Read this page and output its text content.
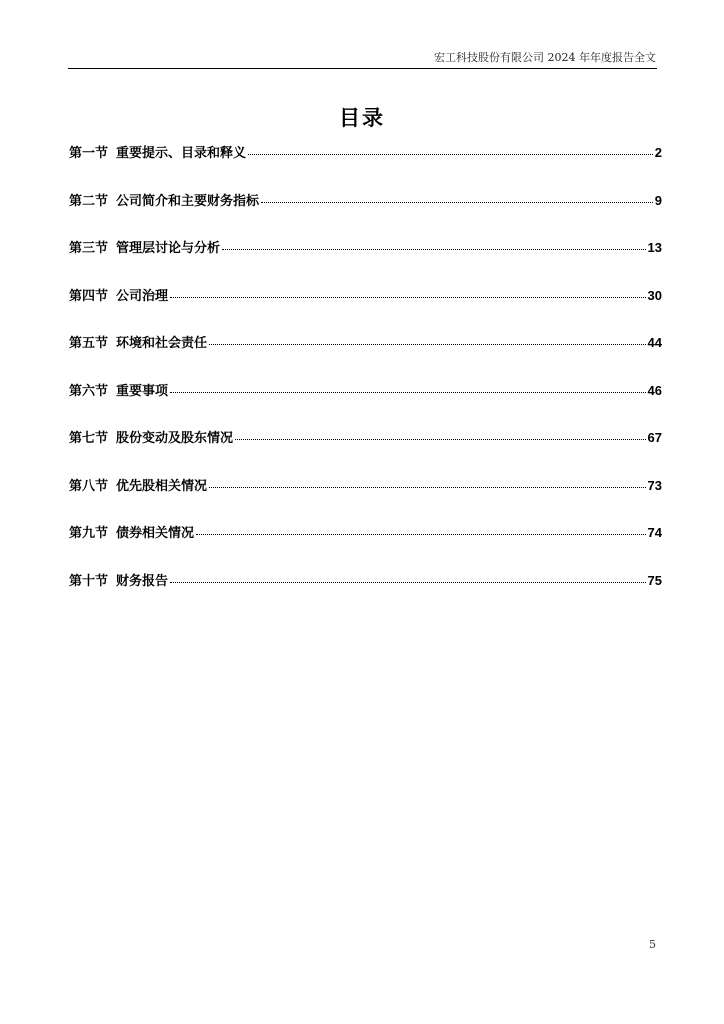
宏工科技股份有限公司 2024 年年度报告全文
目录
第一节 重要提示、目录和释义	2
第二节 公司简介和主要财务指标	9
第三节 管理层讨论与分析	13
第四节 公司治理	30
第五节 环境和社会责任	44
第六节 重要事项	46
第七节 股份变动及股东情况	67
第八节 优先股相关情况	73
第九节 债券相关情况	74
第十节 财务报告	75
5
